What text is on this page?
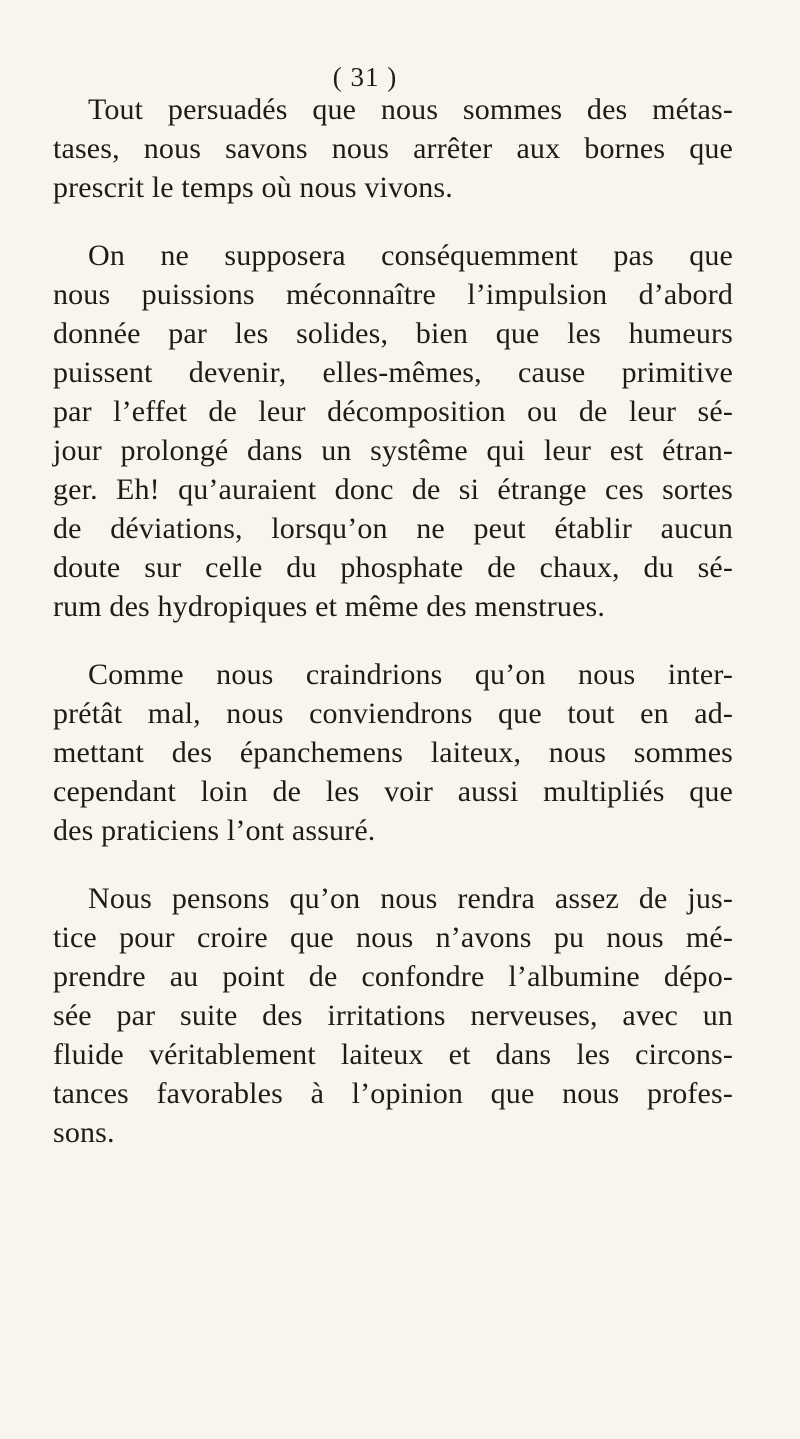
( 31 )
Tout persuadés que nous sommes des métas-
tases, nous savons nous arrêter aux bornes que
prescrit le temps où nous vivons.
On ne supposera conséquemment pas que
nous puissions méconnaître l’impulsion d’abord
donnée par les solides, bien que les humeurs
puissent devenir, elles-mêmes, cause primitive
par l’effet de leur décomposition ou de leur sé-
jour prolongé dans un systême qui leur est étran-
ger. Eh! qu’auraient donc de si étrange ces sortes
de déviations, lorsqu’on ne peut établir aucun
doute sur celle du phosphate de chaux, du sé-
rum des hydropiques et même des menstrues.
Comme nous craindrions qu’on nous inter-
prétât mal, nous conviendrons que tout en ad-
mettant des épanchemens laiteux, nous sommes
cependant loin de les voir aussi multipliés que
des praticiens l’ont assuré.
Nous pensons qu’on nous rendra assez de jus-
tice pour croire que nous n’avons pu nous mé-
prendre au point de confondre l’albumine dépo-
sée par suite des irritations nerveuses, avec un
fluide véritablement laiteux et dans les circons-
tances favorables à l’opinion que nous profes-
sons.
